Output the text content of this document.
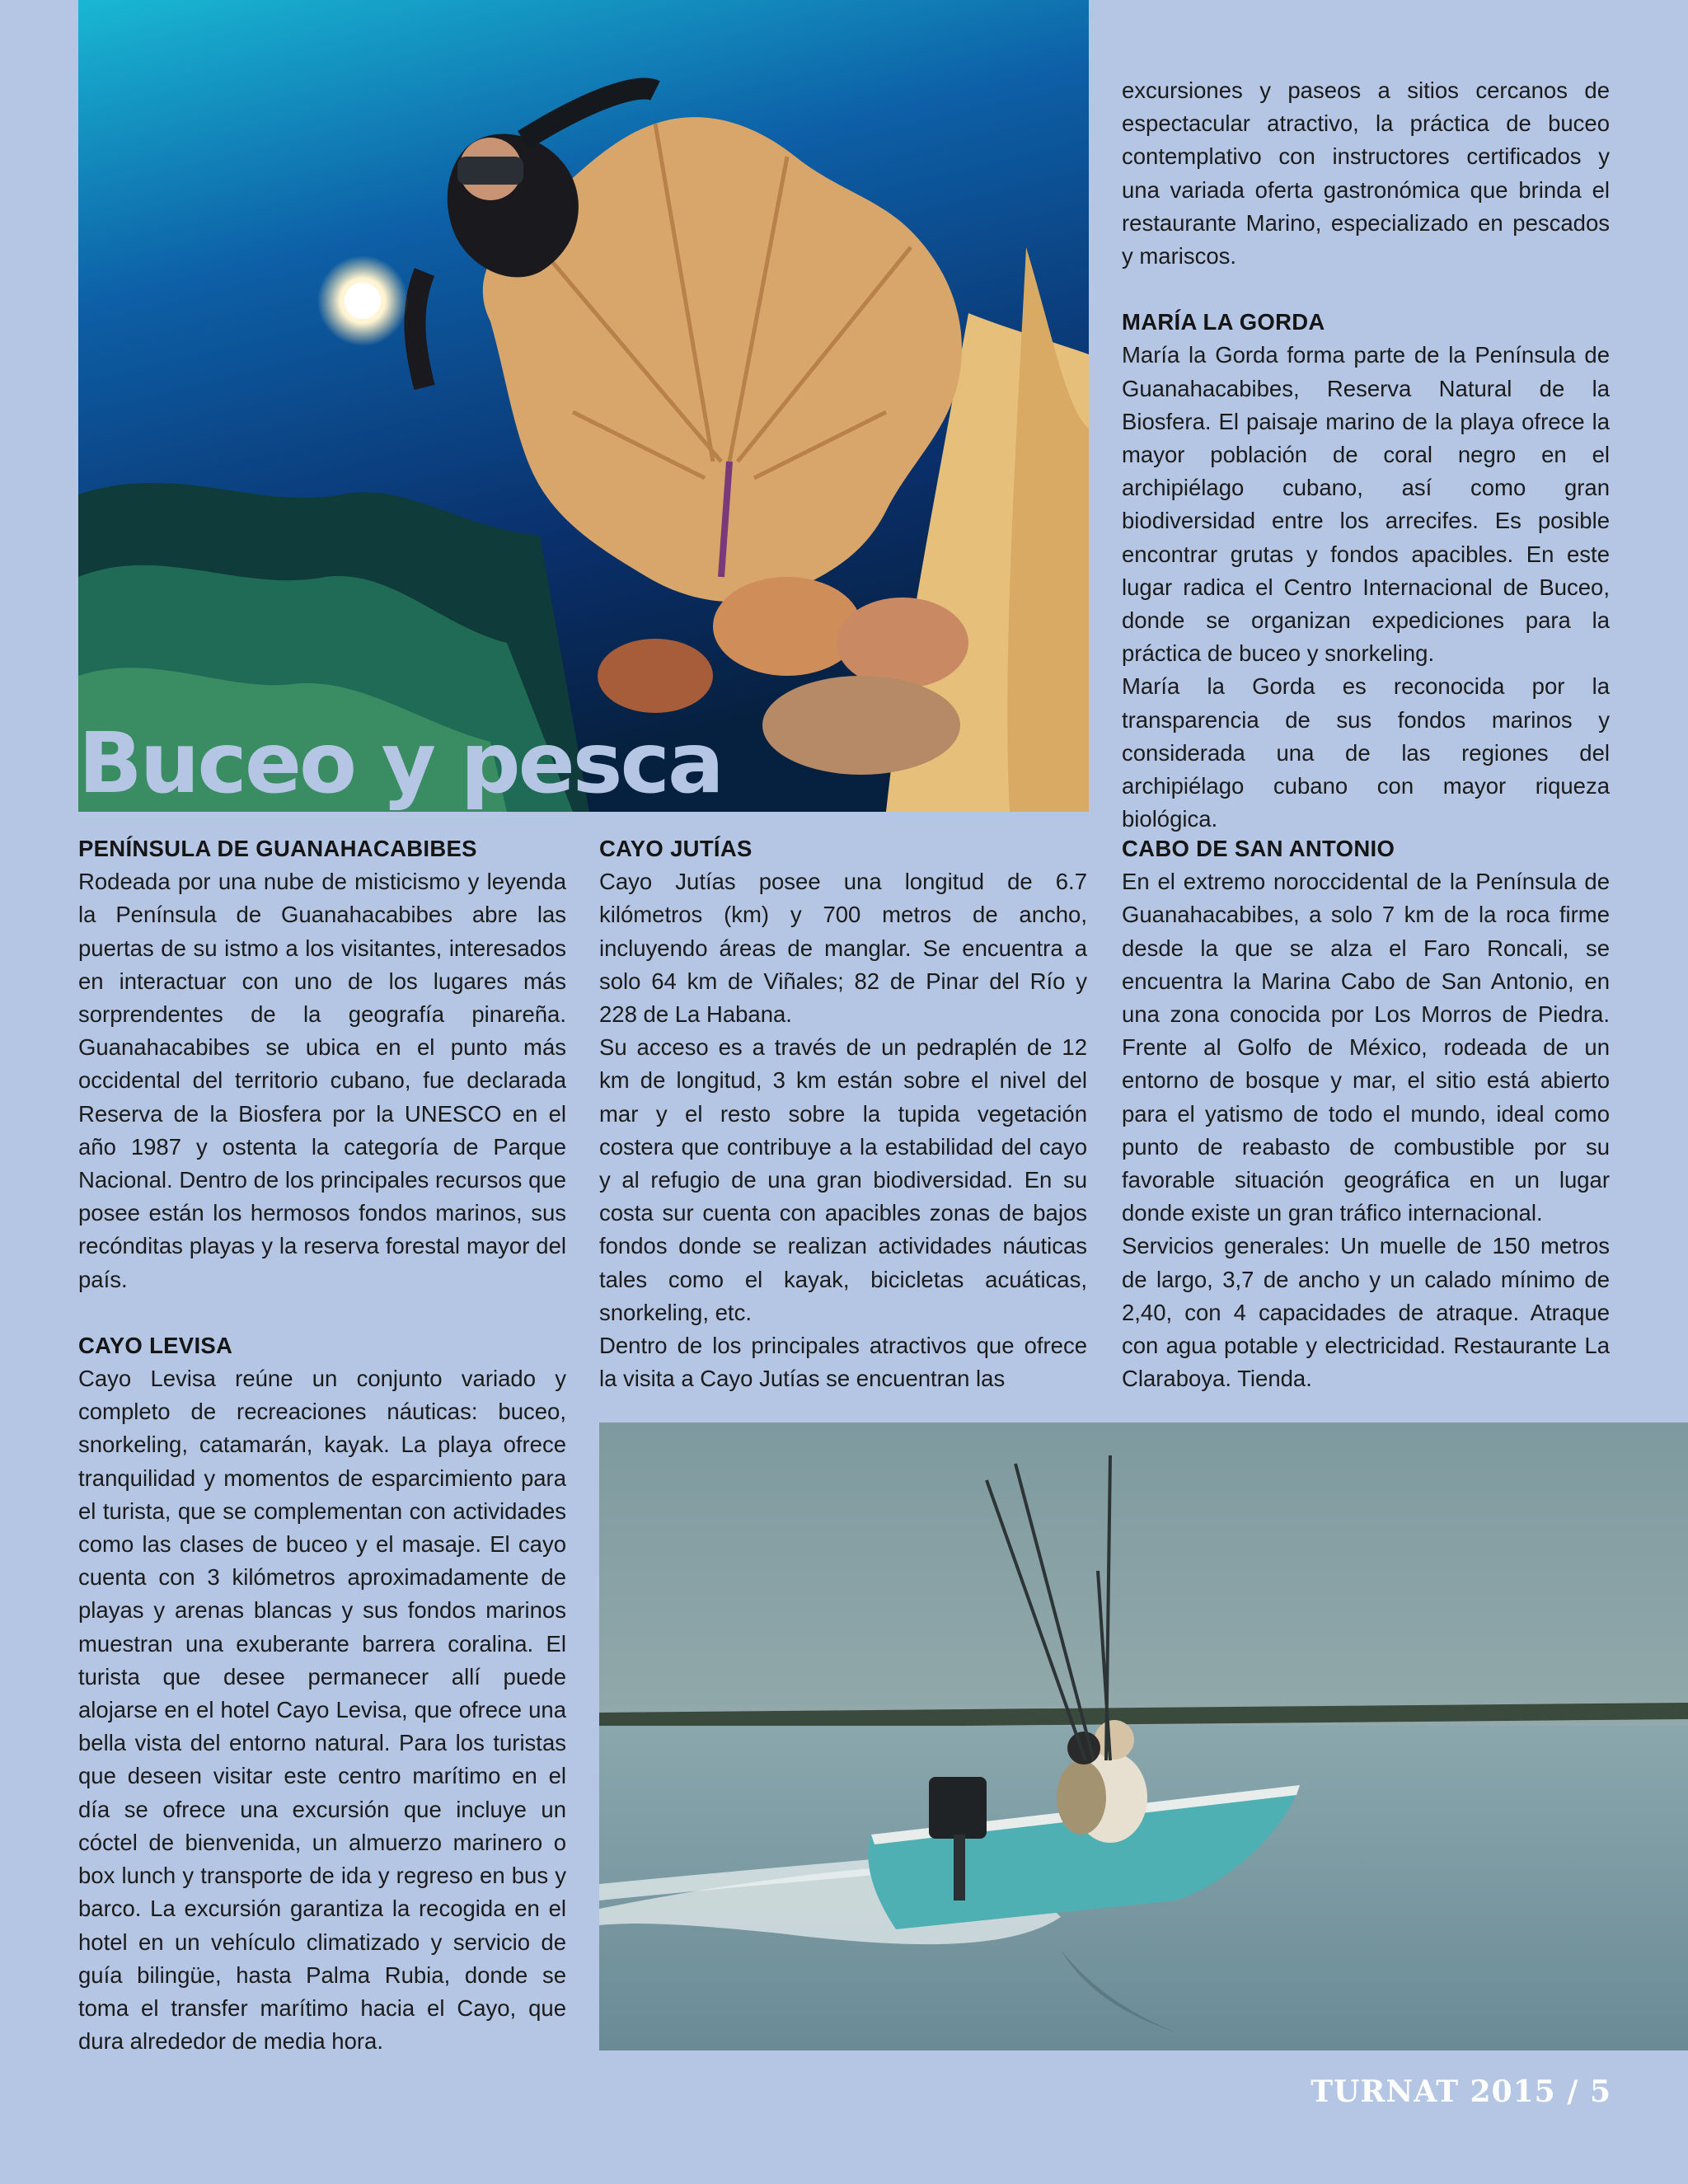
Buceo y pesca

excursiones y paseos a sitios cercanos de espectacular atractivo, la práctica de buceo contemplativo con instructores certificados y una variada oferta gastronómica que brinda el restaurante Marino, especializado en pescados y mariscos.

MARÍA LA GORDA

María la Gorda forma parte de la Península de Guanahacabibes, Reserva Natural de la Biosfera. El paisaje marino de la playa ofrece la mayor población de coral negro en el archipiélago cubano, así como gran biodiversidad entre los arrecifes. Es posible encontrar grutas y fondos apacibles. En este lugar radica el Centro Internacional de Buceo, donde se organizan expediciones para la práctica de buceo y snorkeling.

María la Gorda es reconocida por la transparencia de sus fondos marinos y considerada una de las regiones del archipiélago cubano con mayor riqueza biológica.

PENÍNSULA DE GUANAHACABIBES

Rodeada por una nube de misticismo y leyenda la Península de Guanahacabibes abre las puertas de su istmo a los visitantes, interesados en interactuar con uno de los lugares más sorprendentes de la geografía pinareña. Guanahacabibes se ubica en el punto más occidental del territorio cubano, fue declarada Reserva de la Biosfera por la UNESCO en el año 1987 y ostenta la categoría de Parque Nacional. Dentro de los principales recursos que posee están los hermosos fondos marinos, sus recónditas playas y la reserva forestal mayor del país.

CAYO LEVISA

Cayo Levisa reúne un conjunto variado y completo de recreaciones náuticas: buceo, snorkeling, catamarán, kayak. La playa ofrece tranquilidad y momentos de esparcimiento para el turista, que se complementan con actividades como las clases de buceo y el masaje. El cayo cuenta con 3 kilómetros aproximadamente de playas y arenas blancas y sus fondos marinos muestran una exuberante barrera coralina. El turista que desee permanecer allí puede alojarse en el hotel Cayo Levisa, que ofrece una bella vista del entorno natural. Para los turistas que deseen visitar este centro marítimo en el día se ofrece una excursión que incluye un cóctel de bienvenida, un almuerzo marinero o box lunch y transporte de ida y regreso en bus y barco. La excursión garantiza la recogida en el hotel en un vehículo climatizado y servicio de guía bilingüe, hasta Palma Rubia, donde se toma el transfer marítimo hacia el Cayo, que dura alrededor de media hora.

CAYO JUTÍAS

Cayo Jutías posee una longitud de 6.7 kilómetros (km) y 700 metros de ancho, incluyendo áreas de manglar. Se encuentra a solo 64 km de Viñales; 82 de Pinar del Río y 228 de La Habana.

Su acceso es a través de un pedraplén de 12 km de longitud, 3 km están sobre el nivel del mar y el resto sobre la tupida vegetación costera que contribuye a la estabilidad del cayo y al refugio de una gran biodiversidad. En su costa sur cuenta con apacibles zonas de bajos fondos donde se realizan actividades náuticas tales como el kayak, bicicletas acuáticas, snorkeling, etc.

Dentro de los principales atractivos que ofrece la visita a Cayo Jutías se encuentran las

CABO DE SAN ANTONIO

En el extremo noroccidental de la Península de Guanahacabibes, a solo 7 km de la roca firme desde la que se alza el Faro Roncali, se encuentra la Marina Cabo de San Antonio, en una zona conocida por Los Morros de Piedra. Frente al Golfo de México, rodeada de un entorno de bosque y mar, el sitio está abierto para el yatismo de todo el mundo, ideal como punto de reabasto de combustible por su favorable situación geográfica en un lugar donde existe un gran tráfico internacional.

Servicios generales: Un muelle de 150 metros de largo, 3,7 de ancho y un calado mínimo de 2,40, con 4 capacidades de atraque. Atraque con agua potable y electricidad. Restaurante La Claraboya. Tienda.

TURNAT 2015 / 5
